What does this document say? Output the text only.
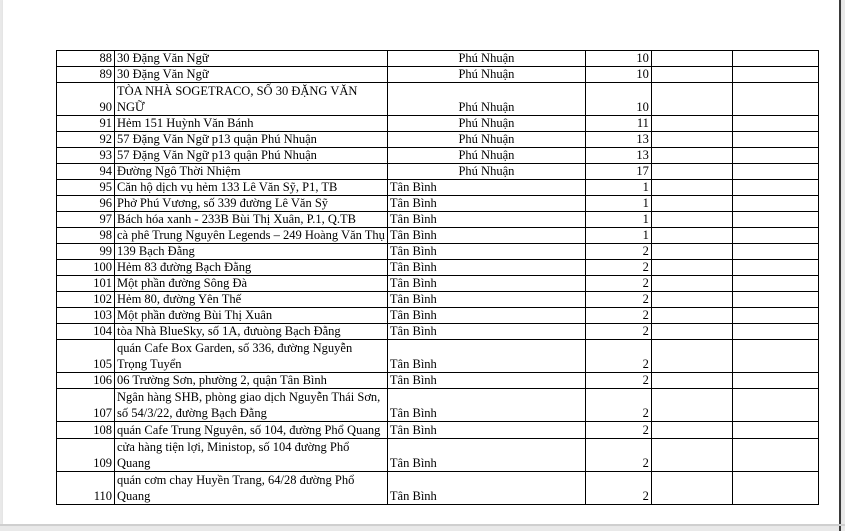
88	30 Đặng Văn Ngữ	Phú Nhuận	10		
89	30 Đặng Văn Ngữ	Phú Nhuận	10		
90	TÒA NHÀ SOGETRACO, SỐ 30 ĐẶNG VĂN NGỮ	Phú Nhuận	10		
91	Hẻm 151 Huỳnh Văn Bánh	Phú Nhuận	11		
92	57 Đặng Văn Ngữ p13 quận Phú Nhuận	Phú Nhuận	13		
93	57 Đặng Văn Ngữ p13 quận Phú Nhuận	Phú Nhuận	13		
94	Đường Ngô Thời Nhiệm	Phú Nhuận	17		
95	Căn hộ dịch vụ hẻm 133 Lê Văn Sỹ, P1, TB	Tân Bình	1		
96	Phở Phú Vương, số 339 đường Lê Văn Sỹ	Tân Bình	1		
97	Bách hóa xanh - 233B Bùi Thị Xuân, P.1, Q.TB	Tân Bình	1		
98	cà phê Trung Nguyên Legends – 249 Hoàng Văn Thụ	Tân Bình	1		
99	139 Bạch Đằng	Tân Bình	2		
100	Hẻm 83 đường Bạch Đằng	Tân Bình	2		
101	Một phần đường Sông Đà	Tân Bình	2		
102	Hẻm 80, đường Yên Thế	Tân Bình	2		
103	Một phần đường Bùi Thị Xuân	Tân Bình	2		
104	tòa Nhà BlueSky, số 1A, đưuòng Bạch Đằng	Tân Bình	2		
105	quán Cafe Box Garden, số 336, đường Nguyễn Trọng Tuyển	Tân Bình	2		
106	06 Trường Sơn, phường 2, quận Tân Bình	Tân Bình	2		
107	Ngân hàng SHB, phòng giao dịch Nguyễn Thái Sơn, số 54/3/22, đường Bạch Đằng	Tân Bình	2		
108	quán Cafe Trung Nguyên, số 104, đường Phổ Quang	Tân Bình	2		
109	cửa hàng tiện lợi, Ministop, số 104 đường Phổ Quang	Tân Bình	2		
110	quán cơm chay Huyền Trang, 64/28 đường Phổ Quang	Tân Bình	2		
